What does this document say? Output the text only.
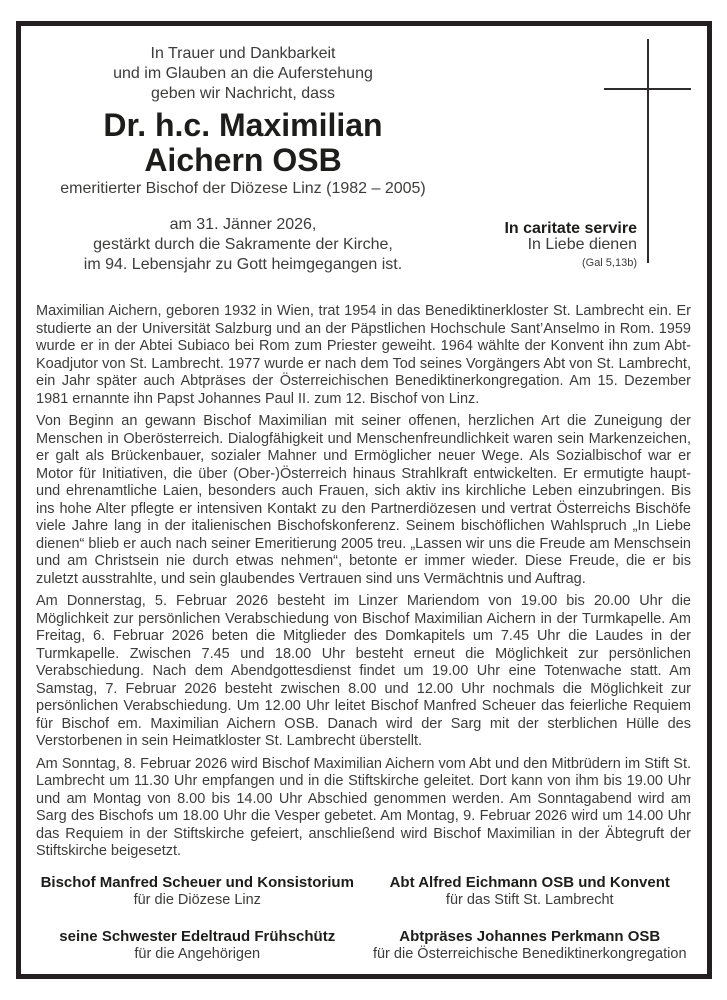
In Trauer und Dankbarkeit
und im Glauben an die Auferstehung
geben wir Nachricht, dass
Dr. h.c. Maximilian
Aichern OSB
emeritierter Bischof der Diözese Linz (1982 – 2005)
am 31. Jänner 2026,
gestärkt durch die Sakramente der Kirche,
im 94. Lebensjahr zu Gott heimgegangen ist.
In caritate servire
In Liebe dienen
(Gal 5,13b)

Maximilian Aichern, geboren 1932 in Wien, trat 1954 in das Benediktinerkloster St. Lambrecht ein. Er studierte an der Universität Salzburg und an der Päpstlichen Hochschule Sant’Anselmo in Rom. 1959 wurde er in der Abtei Subiaco bei Rom zum Priester geweiht. 1964 wählte der Konvent ihn zum Abt-Koadjutor von St. Lambrecht. 1977 wurde er nach dem Tod seines Vorgängers Abt von St. Lambrecht, ein Jahr später auch Abtpräses der Österreichischen Benediktinerkongregation. Am 15. Dezember 1981 ernannte ihn Papst Johannes Paul II. zum 12. Bischof von Linz.

Von Beginn an gewann Bischof Maximilian mit seiner offenen, herzlichen Art die Zuneigung der Menschen in Oberösterreich. Dialogfähigkeit und Menschenfreundlichkeit waren sein Markenzeichen, er galt als Brückenbauer, sozialer Mahner und Ermöglicher neuer Wege. Als Sozialbischof war er Motor für Initiativen, die über (Ober-)Österreich hinaus Strahlkraft entwickelten. Er ermutigte haupt- und ehrenamtliche Laien, besonders auch Frauen, sich aktiv ins kirchliche Leben einzubringen. Bis ins hohe Alter pflegte er intensiven Kontakt zu den Partnerdiözesen und vertrat Österreichs Bischöfe viele Jahre lang in der italienischen Bischofskonferenz. Seinem bischöflichen Wahlspruch „In Liebe dienen“ blieb er auch nach seiner Emeritierung 2005 treu. „Lassen wir uns die Freude am Menschsein und am Christsein nie durch etwas nehmen“, betonte er immer wieder. Diese Freude, die er bis zuletzt ausstrahlte, und sein glaubendes Vertrauen sind uns Vermächtnis und Auftrag.

Am Donnerstag, 5. Februar 2026 besteht im Linzer Mariendom von 19.00 bis 20.00 Uhr die Möglichkeit zur persönlichen Verabschiedung von Bischof Maximilian Aichern in der Turmkapelle. Am Freitag, 6. Februar 2026 beten die Mitglieder des Domkapitels um 7.45 Uhr die Laudes in der Turmkapelle. Zwischen 7.45 und 18.00 Uhr besteht erneut die Möglichkeit zur persönlichen Verabschiedung. Nach dem Abendgottesdienst findet um 19.00 Uhr eine Totenwache statt. Am Samstag, 7. Februar 2026 besteht zwischen 8.00 und 12.00 Uhr nochmals die Möglichkeit zur persönlichen Verabschiedung. Um 12.00 Uhr leitet Bischof Manfred Scheuer das feierliche Requiem für Bischof em. Maximilian Aichern OSB. Danach wird der Sarg mit der sterblichen Hülle des Verstorbenen in sein Heimatkloster St. Lambrecht überstellt.

Am Sonntag, 8. Februar 2026 wird Bischof Maximilian Aichern vom Abt und den Mitbrüdern im Stift St. Lambrecht um 11.30 Uhr empfangen und in die Stiftskirche geleitet. Dort kann von ihm bis 19.00 Uhr und am Montag von 8.00 bis 14.00 Uhr Abschied genommen werden. Am Sonntagabend wird am Sarg des Bischofs um 18.00 Uhr die Vesper gebetet. Am Montag, 9. Februar 2026 wird um 14.00 Uhr das Requiem in der Stiftskirche gefeiert, anschließend wird Bischof Maximilian in der Äbtegruft der Stiftskirche beigesetzt.

Bischof Manfred Scheuer und Konsistorium
für die Diözese Linz
Abt Alfred Eichmann OSB und Konvent
für das Stift St. Lambrecht
seine Schwester Edeltraud Frühschütz
für die Angehörigen
Abtpräses Johannes Perkmann OSB
für die Österreichische Benediktinerkongregation
